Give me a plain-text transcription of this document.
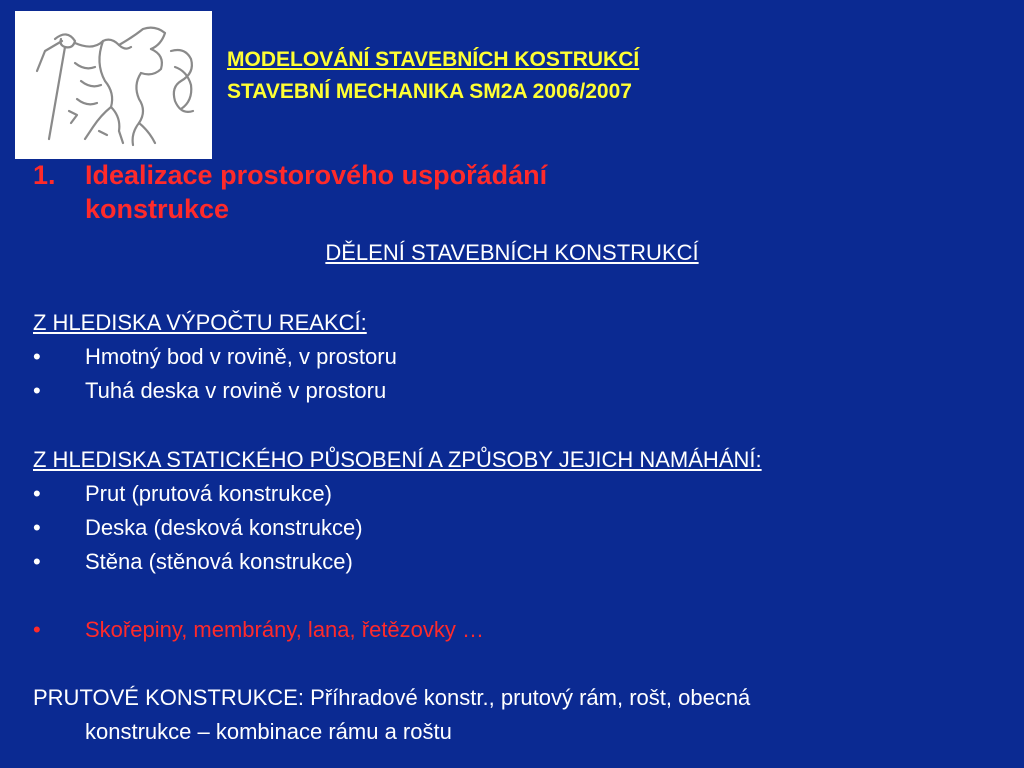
MODELOVÁNÍ STAVEBNÍCH KOSTRUKCÍ
STAVEBNÍ MECHANIKA SM2A 2006/2007
1.	Idealizace prostorového uspořádání
konstrukce
DĚLENÍ STAVEBNÍCH KONSTRUKCÍ
Z HLEDISKA VÝPOČTU REAKCÍ:
•	Hmotný bod v rovině, v prostoru
•	Tuhá deska v rovině v prostoru
Z HLEDISKA STATICKÉHO PŮSOBENÍ A ZPŮSOBY JEJICH NAMÁHÁNÍ:
•	Prut (prutová konstrukce)
•	Deska (desková konstrukce)
•	Stěna (stěnová konstrukce)
•	Skořepiny, membrány, lana, řetězovky …
PRUTOVÉ KONSTRUKCE: Příhradové konstr., prutový rám, rošt, obecná
konstrukce – kombinace rámu a roštu
